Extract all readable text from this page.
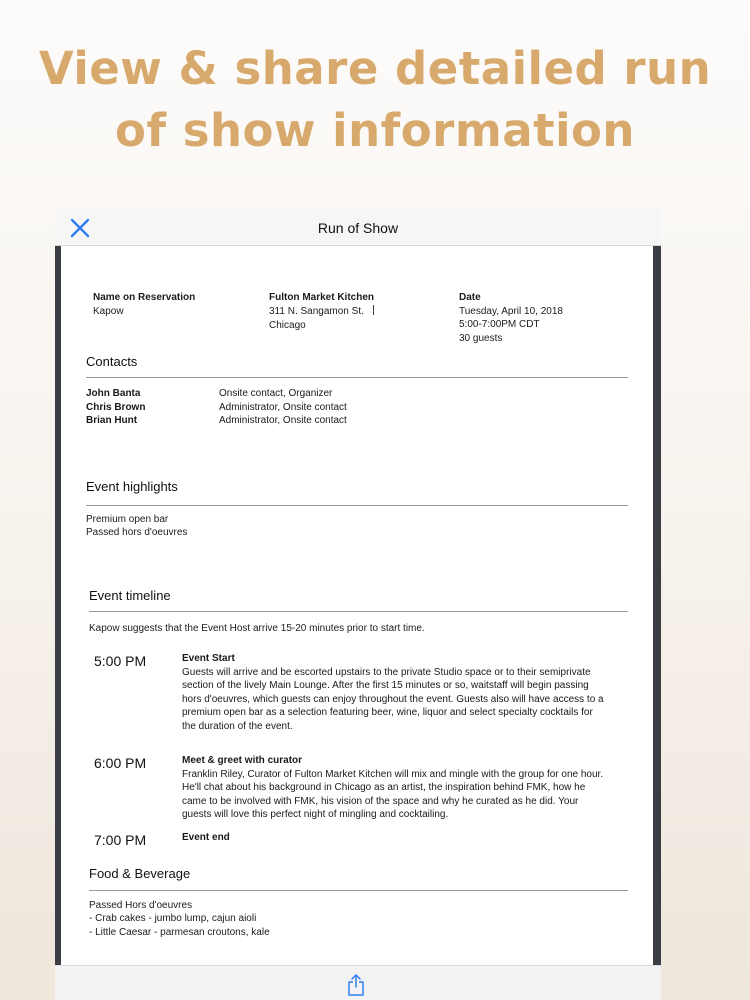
View & share detailed run
of show information
Run of Show
Name on Reservation
Kapow
Fulton Market Kitchen
311 N. Sangamon St.
Chicago
Date
Tuesday, April 10, 2018
5:00-7:00PM CDT
30 guests
Contacts
John Banta	Onsite contact, Organizer
Chris Brown	Administrator, Onsite contact
Brian Hunt	Administrator, Onsite contact
Event highlights
Premium open bar
Passed hors d'oeuvres
Event timeline
Kapow suggests that the Event Host arrive 15-20 minutes prior to start time.
5:00 PM	Event Start
Guests will arrive and be escorted upstairs to the private Studio space or to their semiprivate
section of the lively Main Lounge. After the first 15 minutes or so, waitstaff will begin passing
hors d'oeuvres, which guests can enjoy throughout the event. Guests also will have access to a
premium open bar as a selection featuring beer, wine, liquor and select specialty cocktails for
the duration of the event.
6:00 PM	Meet & greet with curator
Franklin Riley, Curator of Fulton Market Kitchen will mix and mingle with the group for one hour.
He'll chat about his background in Chicago as an artist, the inspiration behind FMK, how he
came to be involved with FMK, his vision of the space and why he curated as he did. Your
guests will love this perfect night of mingling and cocktailing.
7:00 PM	Event end
Food & Beverage
Passed Hors d'oeuvres
- Crab cakes - jumbo lump, cajun aioli
- Little Caesar - parmesan croutons, kale
